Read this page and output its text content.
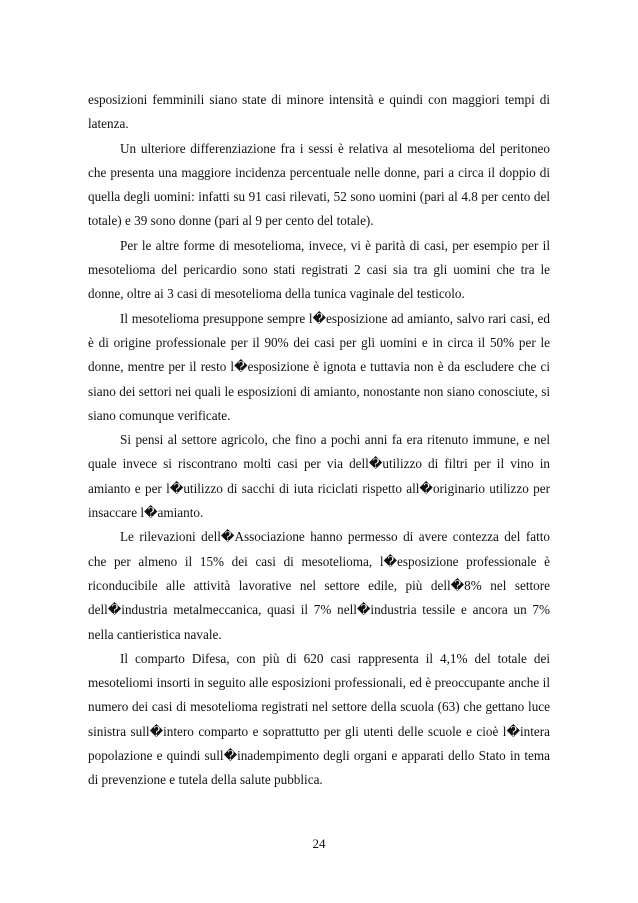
esposizioni femminili siano state di minore intensità e quindi con maggiori tempi di latenza.

Un ulteriore differenziazione fra i sessi è relativa al mesotelioma del peritoneo che presenta una maggiore incidenza percentuale nelle donne, pari a circa il doppio di quella degli uomini: infatti su 91 casi rilevati, 52 sono uomini (pari al 4.8 per cento del totale) e 39 sono donne (pari al 9 per cento del totale).

Per le altre forme di mesotelioma, invece, vi è parità di casi, per esempio per il mesotelioma del pericardio sono stati registrati 2 casi sia tra gli uomini che tra le donne, oltre ai 3 casi di mesotelioma della tunica vaginale del testicolo.

Il mesotelioma presuppone sempre l�esposizione ad amianto, salvo rari casi, ed è di origine professionale per il 90% dei casi per gli uomini e in circa il 50% per le donne, mentre per il resto l�esposizione è ignota e tuttavia non è da escludere che ci siano dei settori nei quali le esposizioni di amianto, nonostante non siano conosciute, si siano comunque verificate.

Si pensi al settore agricolo, che fino a pochi anni fa era ritenuto immune, e nel quale invece si riscontrano molti casi per via dell�utilizzo di filtri per il vino in amianto e per l�utilizzo di sacchi di iuta riciclati rispetto all�originario utilizzo per insaccare l�amianto.

Le rilevazioni dell�Associazione hanno permesso di avere contezza del fatto che per almeno il 15% dei casi di mesotelioma, l�esposizione professionale è riconducibile alle attività lavorative nel settore edile, più dell�8% nel settore dell�industria metalmeccanica, quasi il 7% nell�industria tessile e ancora un 7% nella cantieristica navale.

Il comparto Difesa, con più di 620 casi rappresenta il 4,1% del totale dei mesoteliomi insorti in seguito alle esposizioni professionali, ed è preoccupante anche il numero dei casi di mesotelioma registrati nel settore della scuola (63) che gettano luce sinistra sull�intero comparto e soprattutto per gli utenti delle scuole e cioè l�intera popolazione e quindi sull�inadempimento degli organi e apparati dello Stato in tema di prevenzione e tutela della salute pubblica.

24
